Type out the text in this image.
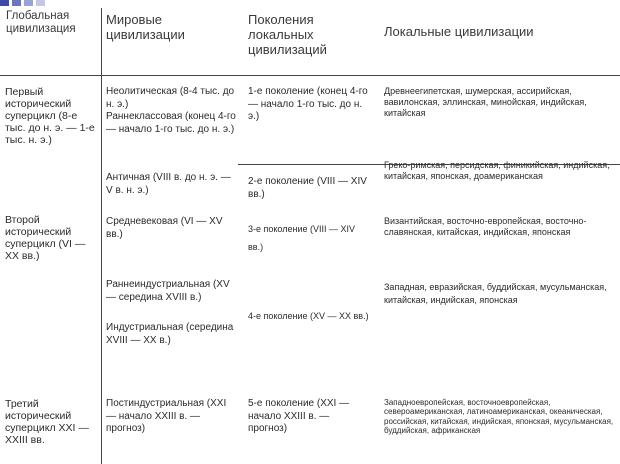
Глобальная цивилизация
Мировые цивилизации
Поколения локальных цивилизаций
Локальные цивилизации
Первый исторический суперцикл (8-е тыс. до н. э. — 1-е тыс. н. э.)
Второй исторический суперцикл (VI —XX вв.)
Третий исторический суперцикл XXI —XXIII вв.
Неолитическая (8-4 тыс. до н. э.)
Раннеклассовая (конец 4-го — начало 1-го тыс. до н. э.)
Античная (VIII в. до н. э. — V в. н. э.)
Средневековая (VI — XV вв.)
Раннеиндустриальная (XV — середина XVIII в.)
Индустриальная (середина XVIII — XX в.)
Постиндустриальная (XXI — начало XXIII в. — прогноз)
1-е поколение (конец 4-го — начало 1-го тыс. до н. э.)
2-е поколение (VIII — XIV вв.)
3-е поколение (VIII — XIV вв.)
4-е поколение (XV — XX вв.)
5-е поколение (XXI — начало XXIII в. — прогноз)
Древнеегипетская, шумерская, ассирийская, вавилонская, эллинская, минойская, индийская, китайская
Греко-римская, персидская, финикийская, индийская, китайская, японская, доамериканская
Византийская, восточно-европейская, восточно-славянская, китайская, индийская, японская
Западная, евразийская, буддийская, мусульманская, китайская, индийская, японская
Западноевропейская, восточноевропейская, североамериканская, латиноамериканская, океаническая, российская, китайская, индийская, японская, мусульманская, буддийская, африканская
